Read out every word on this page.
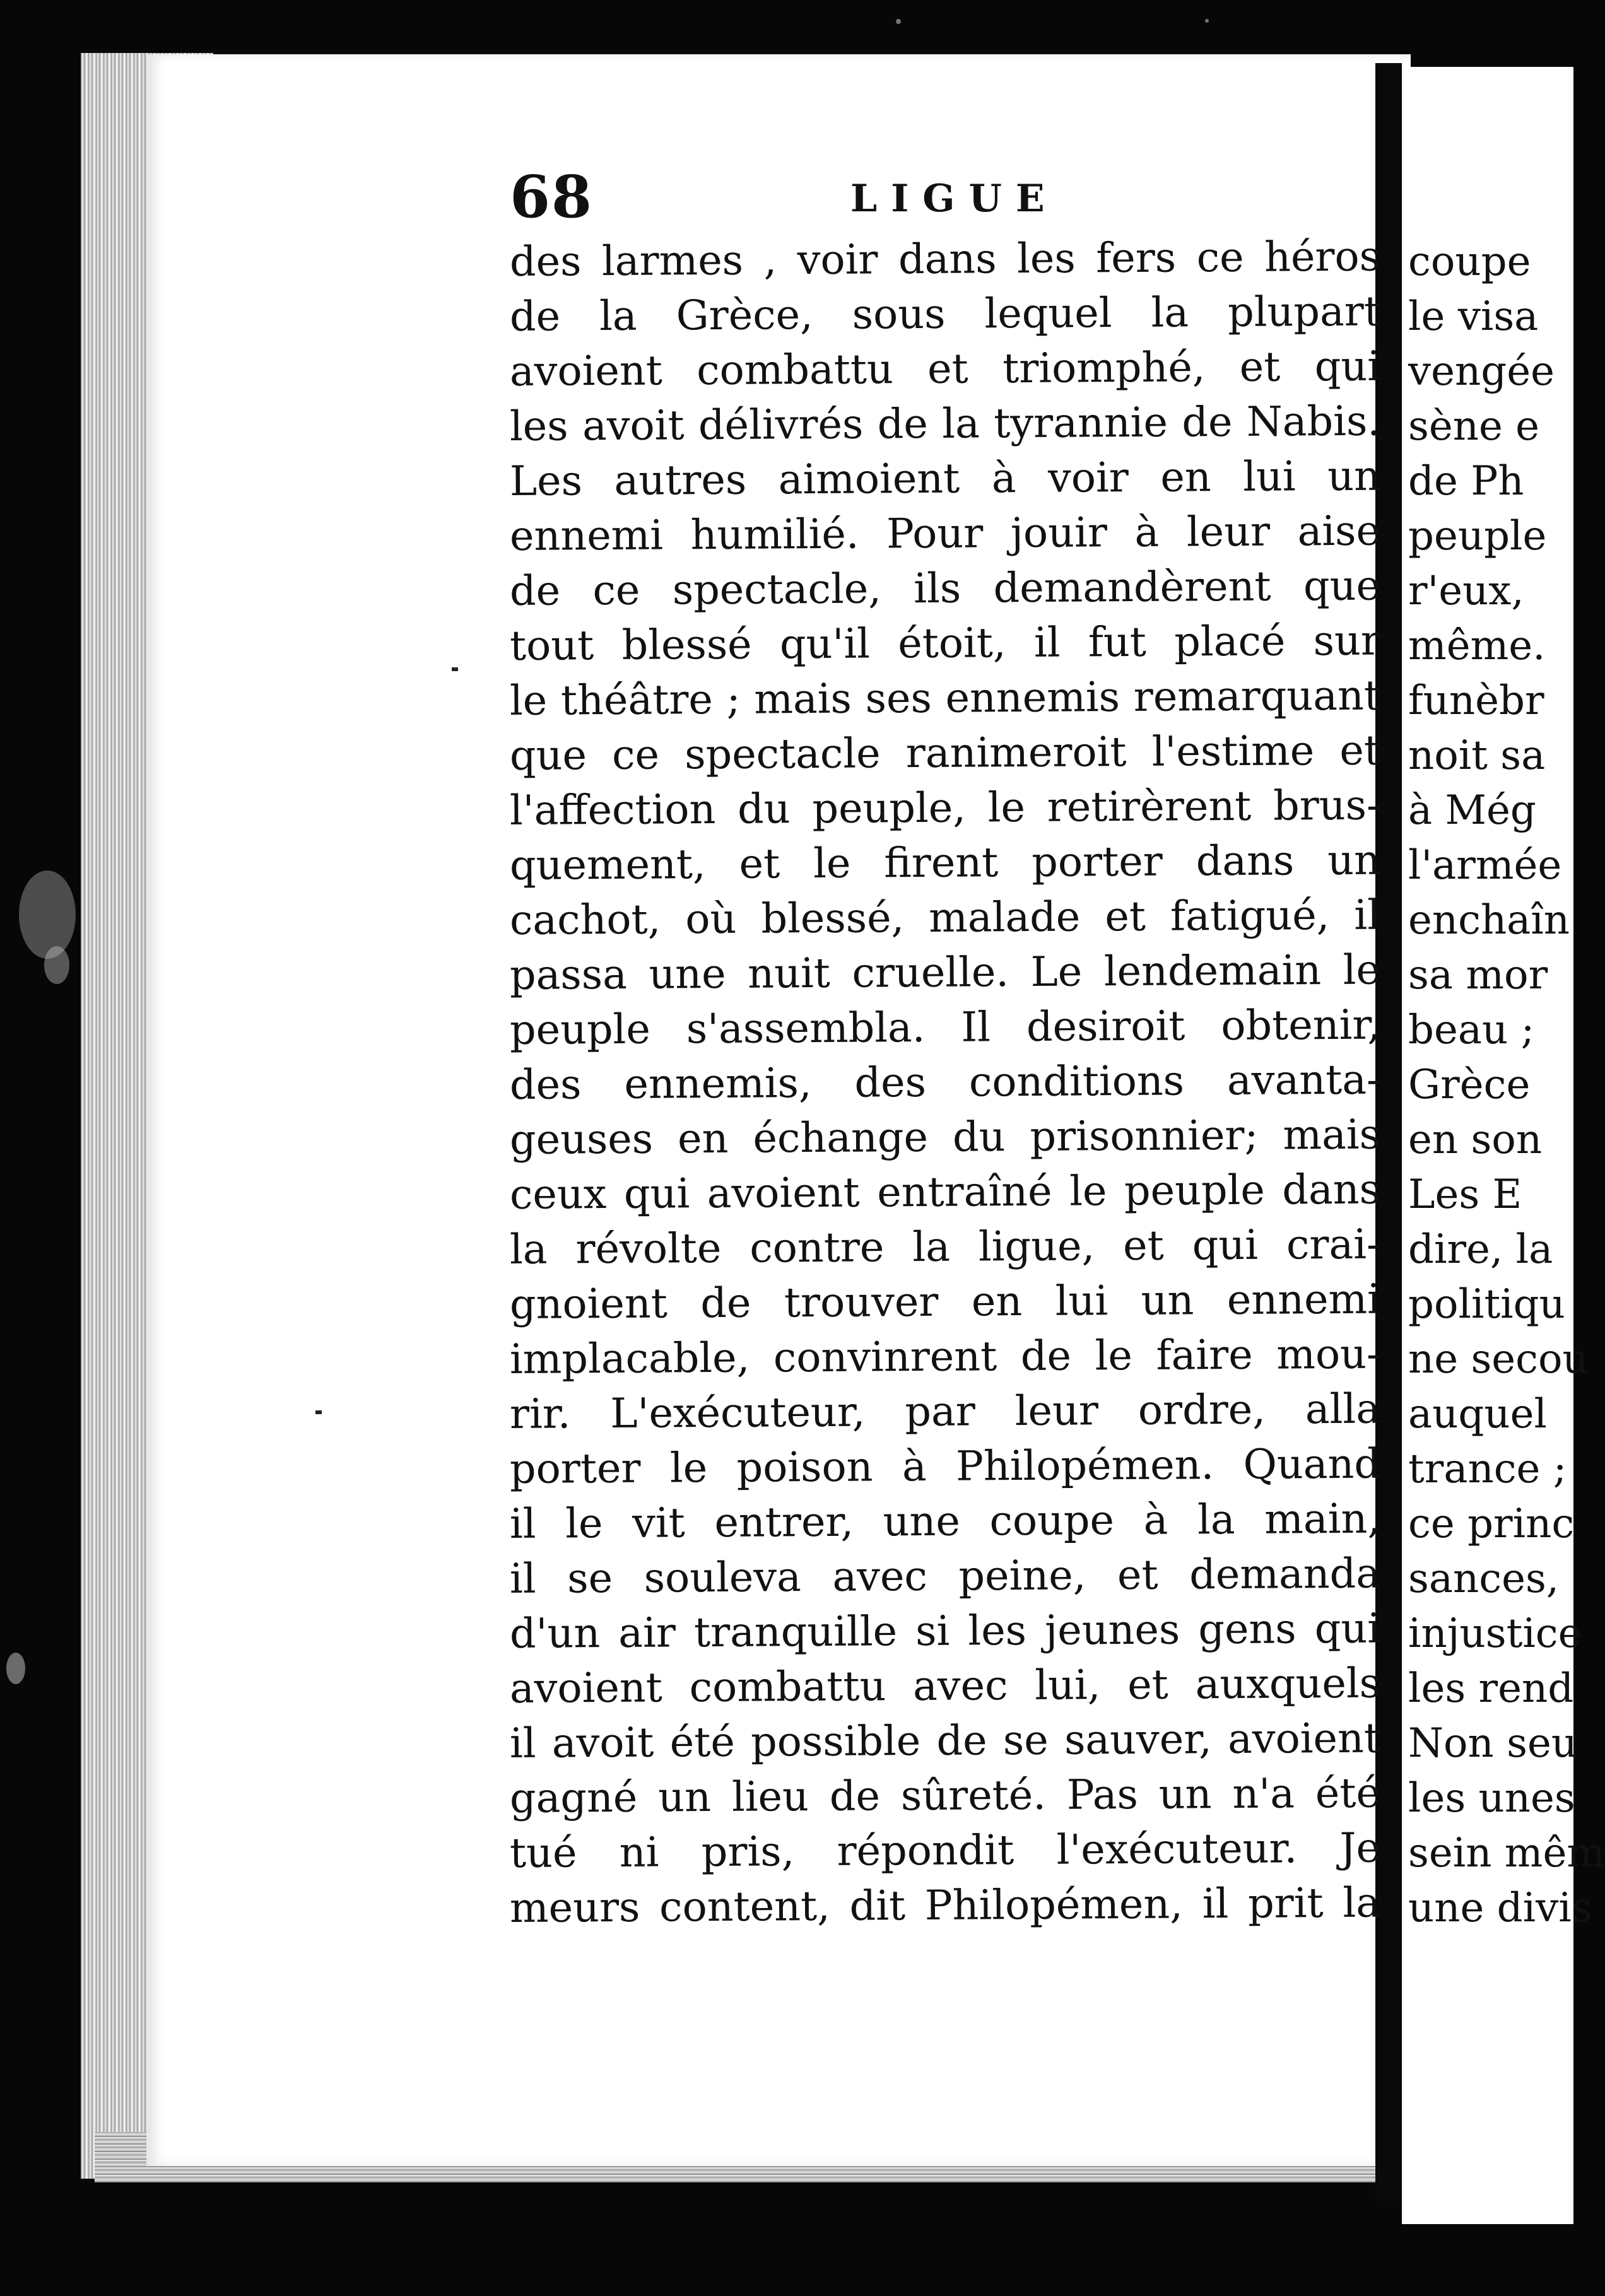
68	LIGUE
des larmes , voir dans les fers ce héros
de la Grèce, sous lequel la plupart
avoient combattu et triomphé, et qui
les avoit délivrés de la tyrannie de Nabis.
Les autres aimoient à voir en lui un
ennemi humilié. Pour jouir à leur aise
de ce spectacle, ils demandèrent que
tout blessé qu'il étoit, il fut placé sur
le théâtre ; mais ses ennemis remarquant
que ce spectacle ranimeroit l'estime et
l'affection du peuple, le retirèrent brus-
quement, et le firent porter dans un
cachot, où blessé, malade et fatigué, il
passa une nuit cruelle. Le lendemain le
peuple s'assembla. Il desiroit obtenir,
des ennemis, des conditions avanta-
geuses en échange du prisonnier; mais
ceux qui avoient entraîné le peuple dans
la révolte contre la ligue, et qui crai-
gnoient de trouver en lui un ennemi
implacable, convinrent de le faire mou-
rir. L'exécuteur, par leur ordre, alla
porter le poison à Philopémen. Quand
il le vit entrer, une coupe à la main,
il se souleva avec peine, et demanda
d'un air tranquille si les jeunes gens qui
avoient combattu avec lui, et auxquels
il avoit été possible de se sauver, avoient
gagné un lieu de sûreté. Pas un n'a été
tué ni pris, répondit l'exécuteur. Je
meurs content, dit Philopémen, il prit la
coupe
le visa
vengée
sène e
de Ph
peuple
r'eux,
même.
funèbr
noit sa
à Még
l'armée
enchaîn
sa mor
beau ;
Grèce
en son
Les E
dire, la
politiqu
ne secou
auquel
trance ;
ce princ
sances,
injustice
les rend
Non seu
les unes
sein mêm
une divis
